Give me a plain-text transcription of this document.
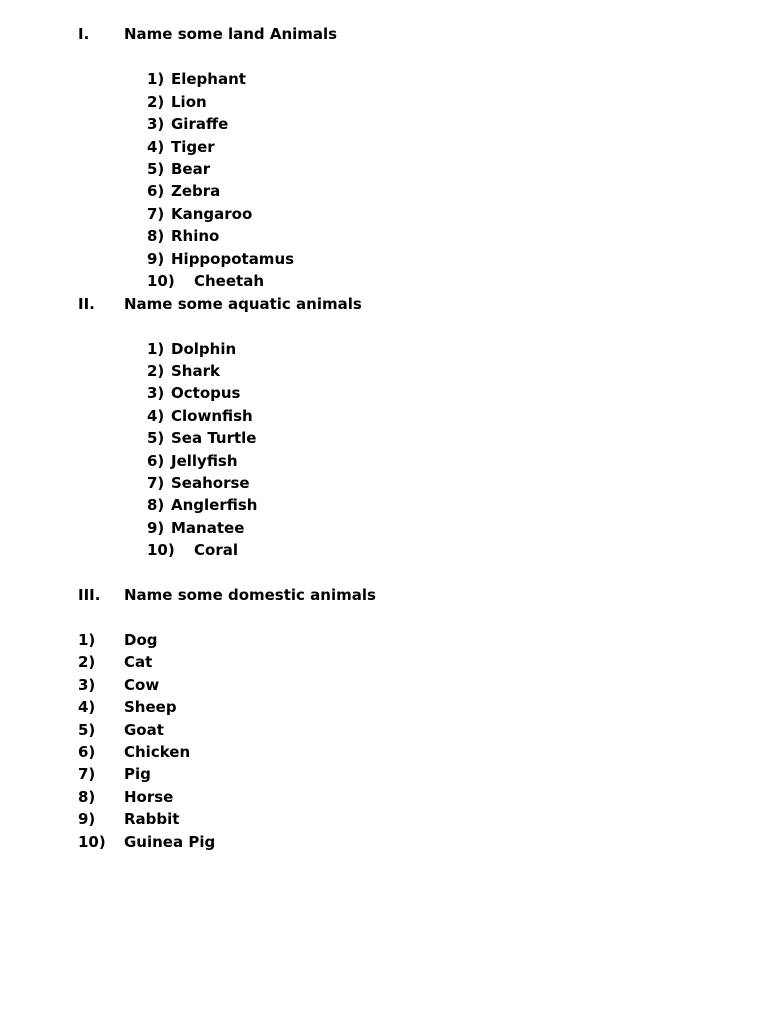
I. Name some land Animals
1) Elephant
2) Lion
3) Giraffe
4) Tiger
5) Bear
6) Zebra
7) Kangaroo
8) Rhino
9) Hippopotamus
10) Cheetah
II. Name some aquatic animals
1) Dolphin
2) Shark
3) Octopus
4) Clownfish
5) Sea Turtle
6) Jellyfish
7) Seahorse
8) Anglerfish
9) Manatee
10) Coral
III. Name some domestic animals
1) Dog
2) Cat
3) Cow
4) Sheep
5) Goat
6) Chicken
7) Pig
8) Horse
9) Rabbit
10) Guinea Pig
